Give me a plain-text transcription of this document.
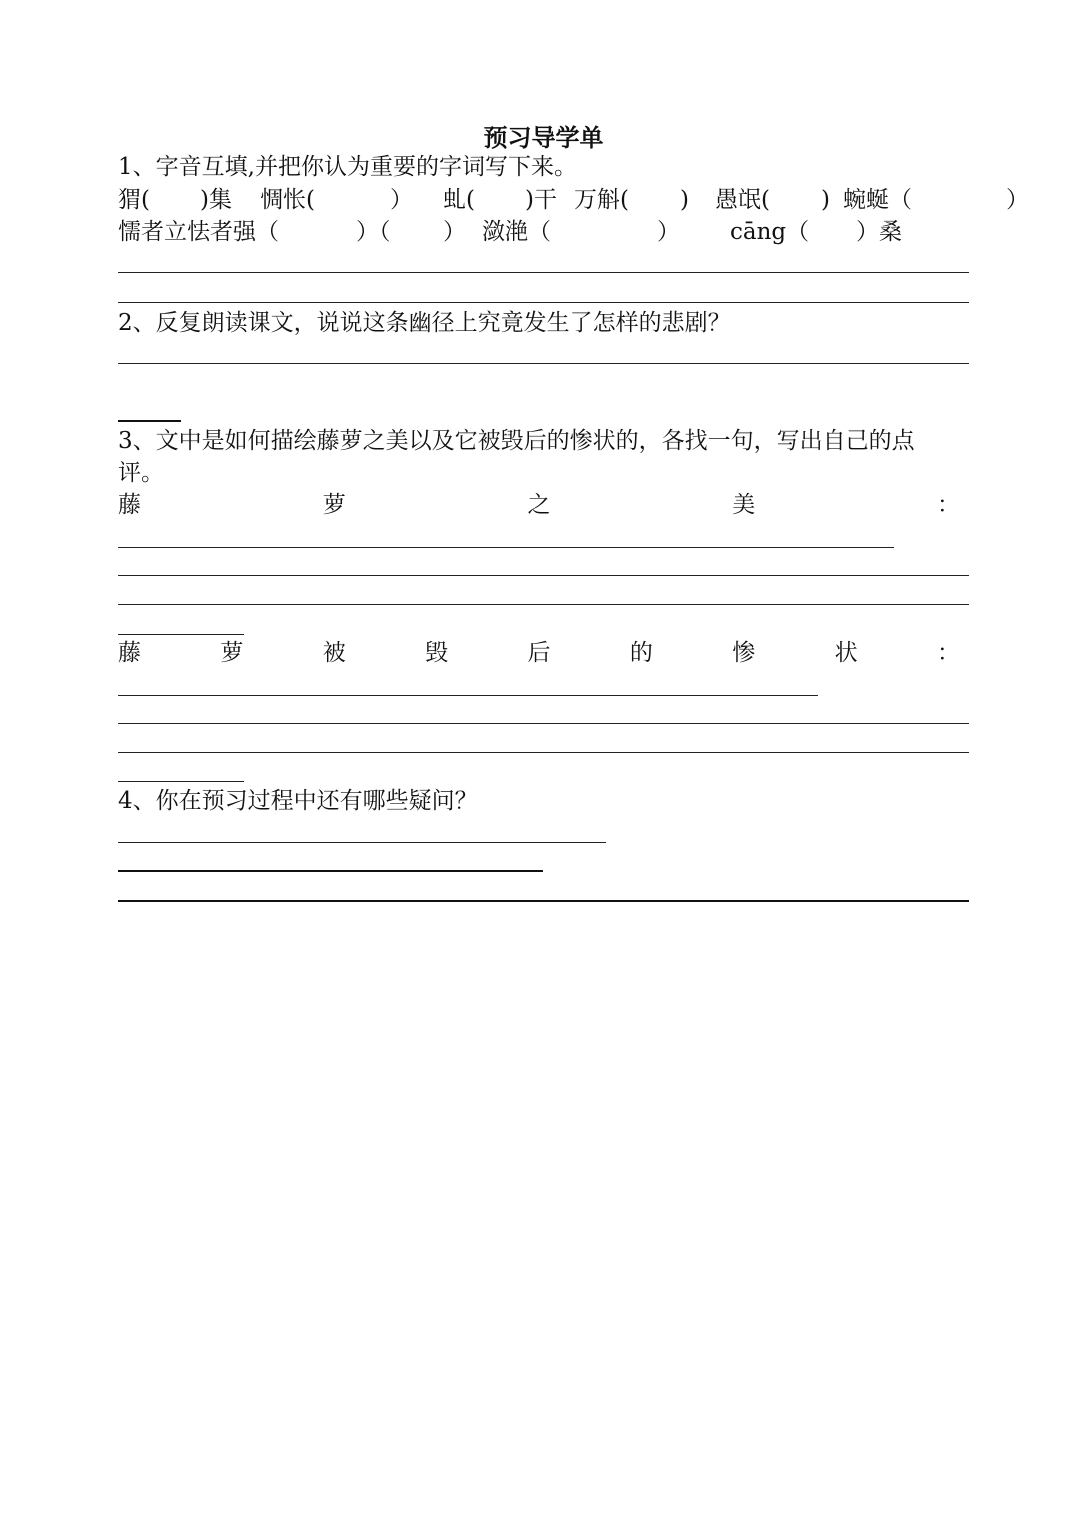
预习导学单
1、字音互填,并把你认为重要的字词写下来。
猬( )集 惆怅(	） 虬( )干 万斛( ) 愚氓( ) 蜿蜒（	）
懦者立怯者强（	）（ ） 潋滟（	） cāng（ ）桑
2、反复朗读课文，说说这条幽径上究竟发生了怎样的悲剧？
3、文中是如何描绘藤萝之美以及它被毁后的惨状的，各找一句，写出自己的点
评。
藤	萝	之	美	：
藤	萝	被	毁	后	的	惨	状	：
4、你在预习过程中还有哪些疑问？
